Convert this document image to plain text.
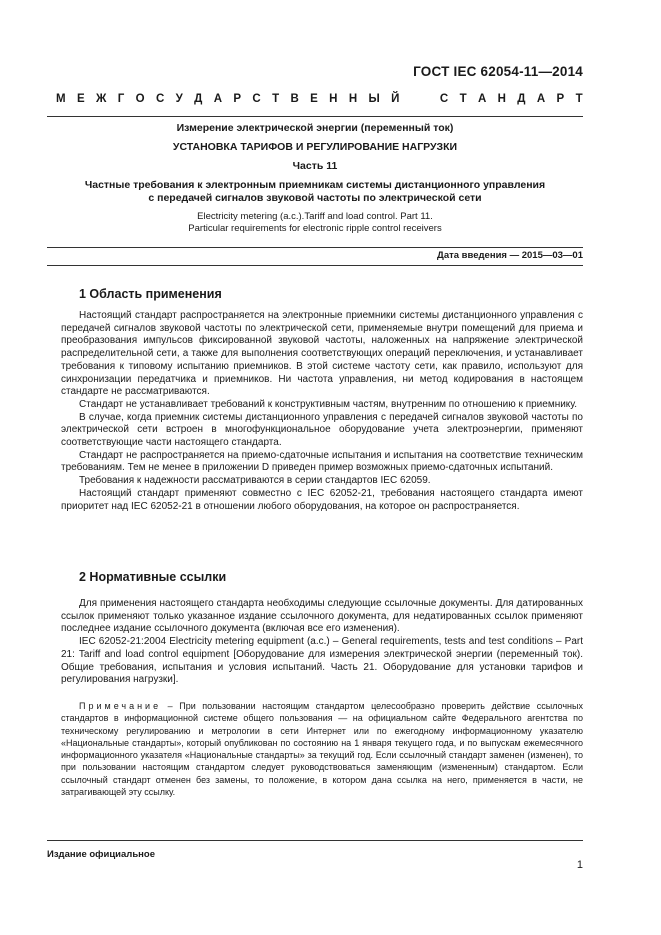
ГОСТ IEC 62054-11—2014
М Е Ж Г О С У Д А Р С Т В Е Н Н Ы Й

	С Т А Н Д А Р Т
Измерение электрической энергии (переменный ток)
УСТАНОВКА ТАРИФОВ И РЕГУЛИРОВАНИЕ НАГРУЗКИ
Часть 11
Частные требования к электронным приемникам системы дистанционного управления
с передачей сигналов звуковой частоты по электрической сети
Electricity metering (a.c.).Tariff and load control. Part 11.
Particular requirements for electronic ripple control receivers
Дата введения — 2015—03—01
1 Область применения

Настоящий стандарт распространяется на электронные приемники системы дистанционного управления с передачей сигналов звуковой частоты по электрической сети, применяемые внутри помещений для приема и преобразования импульсов фиксированной звуковой частоты, наложенных на напряжение электрической распределительной сети, а также для выполнения соответствующих операций переключения, и устанавливает требования к типовому испытанию приемников. В этой системе частоту сети, как правило, используют для синхронизации передатчика и приемников. Ни частота управления, ни метод кодирования в настоящем стандарте не рассматриваются.

Стандарт не устанавливает требований к конструктивным частям, внутренним по отношению к приемнику.

В случае, когда приемник системы дистанционного управления с передачей сигналов звуковой частоты по электрической сети встроен в многофункциональное оборудование учета электроэнергии, применяют соответствующие части настоящего стандарта.

Стандарт не распространяется на приемо-сдаточные испытания и испытания на соответствие техническим требованиям. Тем не менее в приложении D приведен пример возможных приемо-сдаточных испытаний.

Требования к надежности рассматриваются в серии стандартов IEC 62059.

Настоящий стандарт применяют совместно с IEC 62052-21, требования настоящего стандарта имеют приоритет над IEC 62052-21 в отношении любого оборудования, на которое он распространяется.

2 Нормативные ссылки

Для применения настоящего стандарта необходимы следующие ссылочные документы. Для датированных ссылок применяют только указанное издание ссылочного документа, для недатированных ссылок применяют последнее издание ссылочного документа (включая все его изменения).

IEC 62052-21:2004 Electricity metering equipment (a.c.) – General requirements, tests and test conditions – Part 21: Tariff and load control equipment [Оборудование для измерения электрической энергии (переменный ток). Общие требования, испытания и условия испытаний. Часть 21. Оборудование для установки тарифов и регулирования нагрузки].

Примечание – При пользовании настоящим стандартом целесообразно проверить действие ссылочных стандартов в информационной системе общего пользования — на официальном сайте Федерального агентства по техническому регулированию и метрологии в сети Интернет или по ежегодному информационному указателю «Национальные стандарты», который опубликован по состоянию на 1 января текущего года, и по выпускам ежемесячного информационного указателя «Национальные стандарты» за текущий год. Если ссылочный стандарт заменен (изменен), то при пользовании настоящим стандартом следует руководствоваться заменяющим (измененным) стандартом. Если ссылочный стандарт отменен без замены, то положение, в котором дана ссылка на него, применяется в части, не затрагивающей эту ссылку.
Издание официальное
1
